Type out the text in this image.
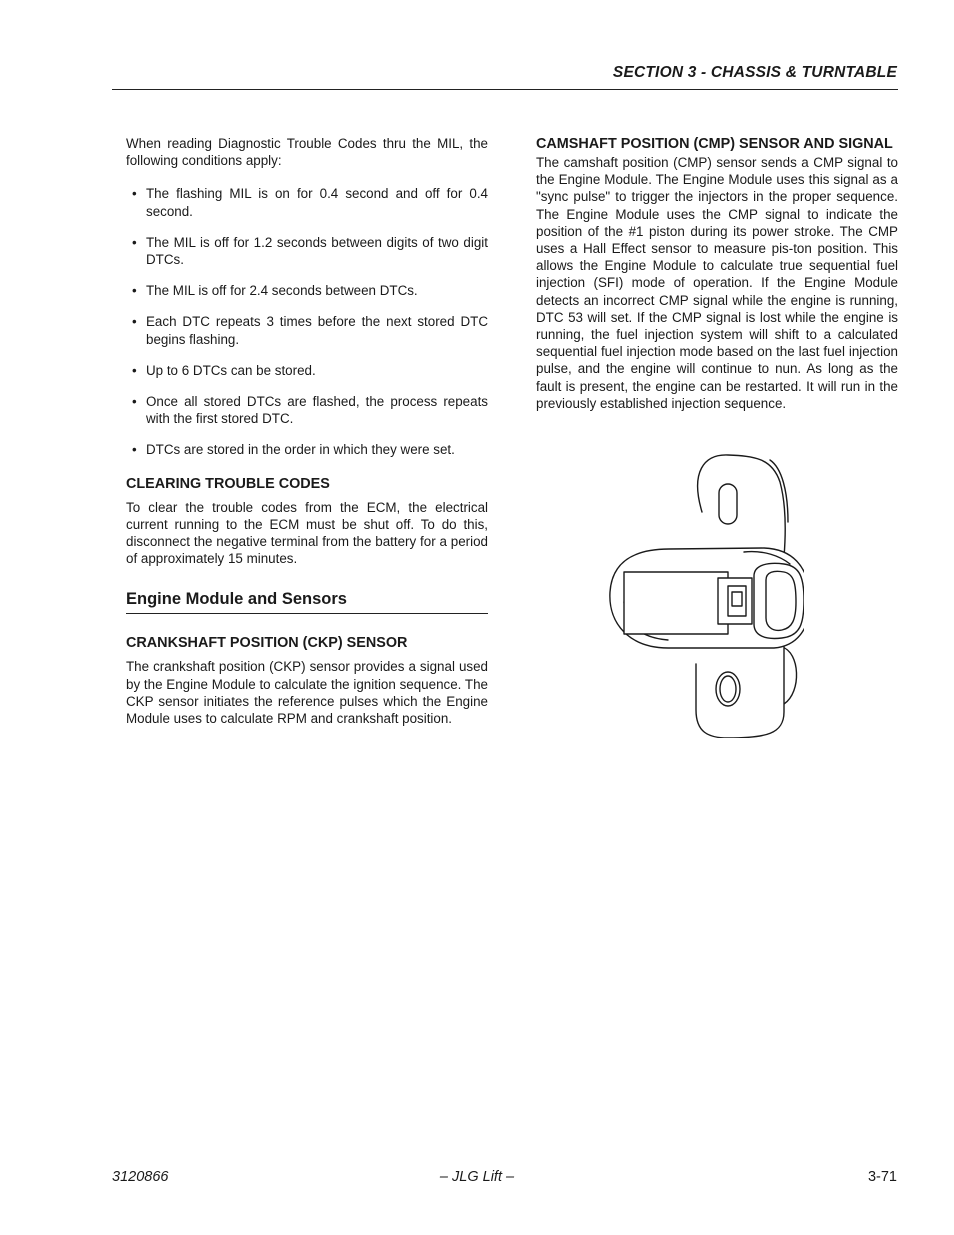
SECTION 3 - CHASSIS & TURNTABLE

When reading Diagnostic Trouble Codes thru the MIL, the following conditions apply:

• The flashing MIL is on for 0.4 second and off for 0.4 second.
• The MIL is off for 1.2 seconds between digits of two digit DTCs.
• The MIL is off for 2.4 seconds between DTCs.
• Each DTC repeats 3 times before the next stored DTC begins flashing.
• Up to 6 DTCs can be stored.
• Once all stored DTCs are flashed, the process repeats with the first stored DTC.
• DTCs are stored in the order in which they were set.
CLEARING TROUBLE CODES

To clear the trouble codes from the ECM, the electrical current running to the ECM must be shut off. To do this, disconnect the negative terminal from the battery for a period of approximately 15 minutes.

Engine Module and Sensors
CRANKSHAFT POSITION (CKP) SENSOR

The crankshaft position (CKP) sensor provides a signal used by the Engine Module to calculate the ignition sequence. The CKP sensor initiates the reference pulses which the Engine Module uses to calculate RPM and crankshaft position.

CAMSHAFT POSITION (CMP) SENSOR AND SIGNAL

The camshaft position (CMP) sensor sends a CMP signal to the Engine Module. The Engine Module uses this signal as a "sync pulse" to trigger the injectors in the proper sequence. The Engine Module uses the CMP signal to indicate the position of the #1 piston during its power stroke. The CMP uses a Hall Effect sensor to measure pis-ton position. This allows the Engine Module to calculate true sequential fuel injection (SFI) mode of operation. If the Engine Module detects an incorrect CMP signal while the engine is running, DTC 53 will set. If the CMP signal is lost while the engine is running, the fuel injection system will shift to a calculated sequential fuel injection mode based on the last fuel injection pulse, and the engine will continue to nun. As long as the fault is present, the engine can be restarted. It will run in the previously established injection sequence.

3120866	– JLG Lift –	3-71
